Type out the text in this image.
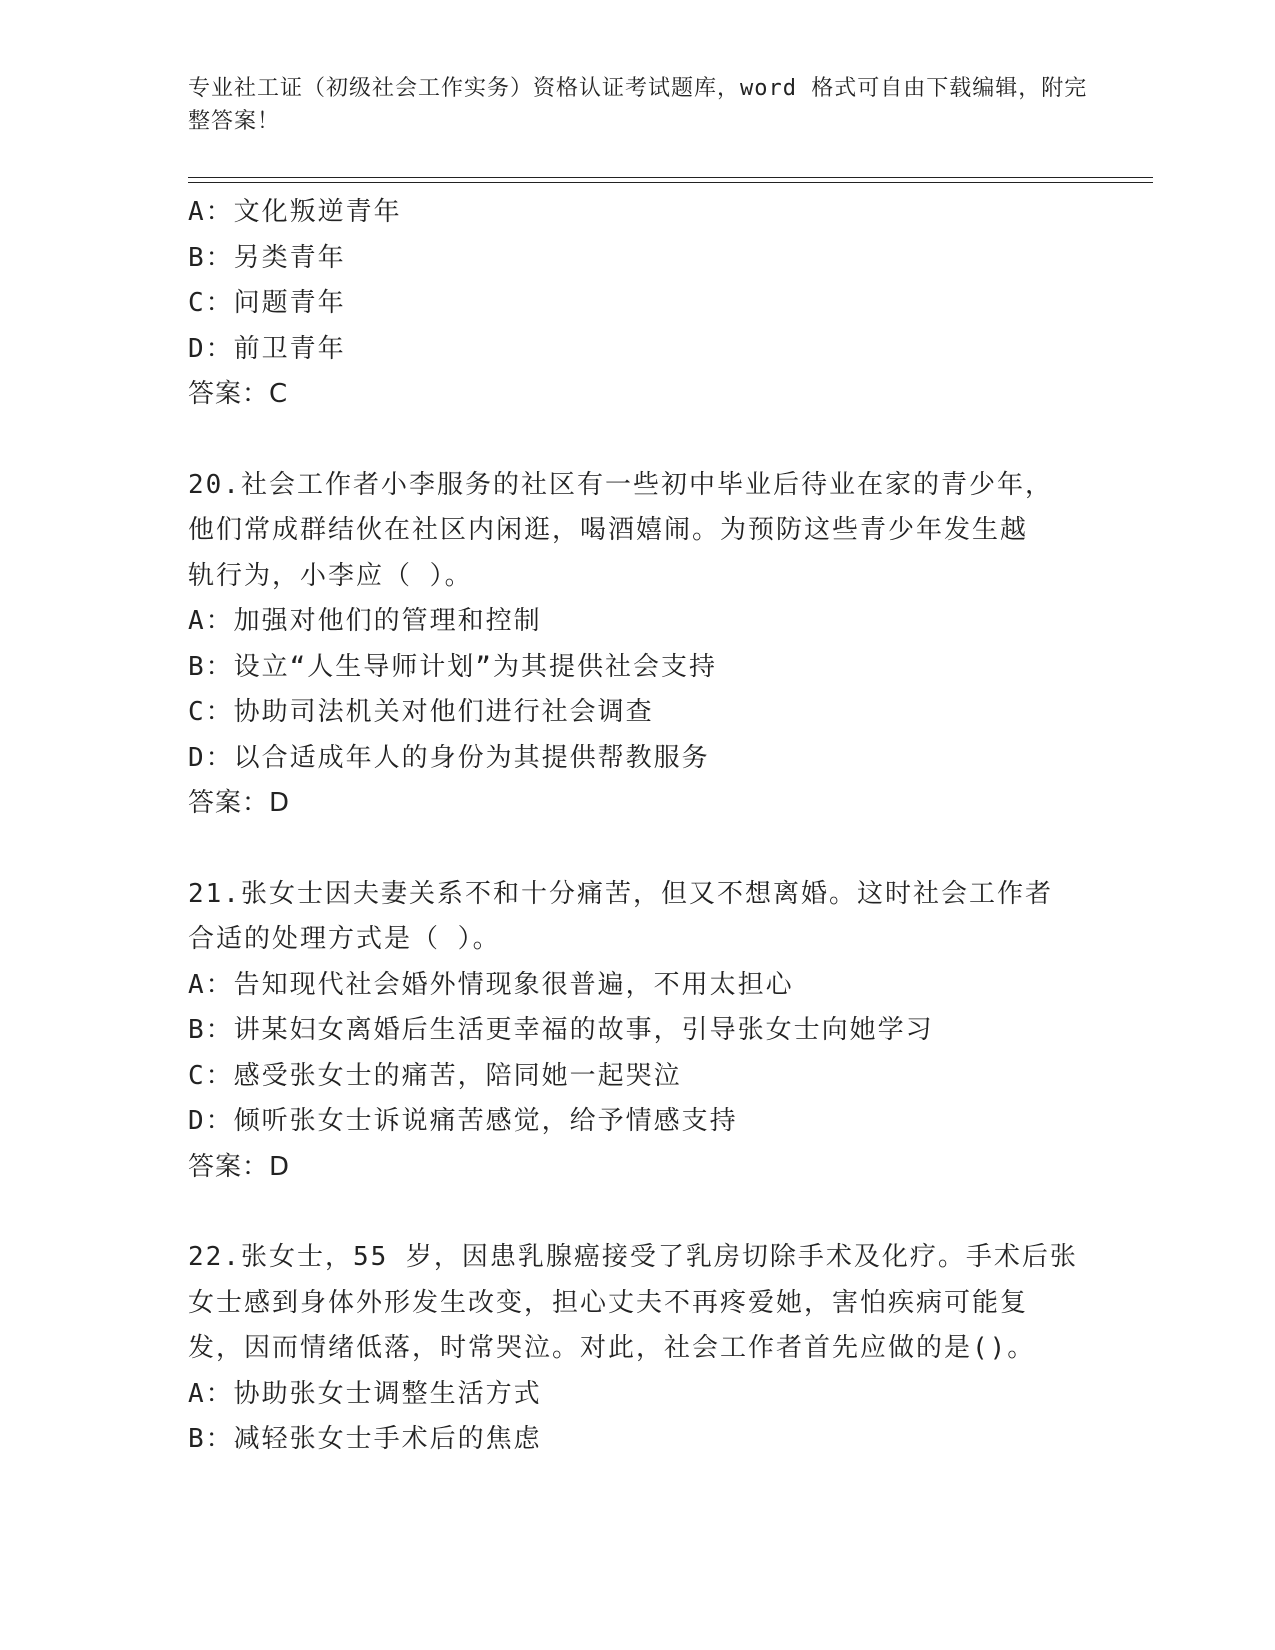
专业社工证（初级社会工作实务）资格认证考试题库，word 格式可自由下载编辑，附完整答案！
A：文化叛逆青年
B：另类青年
C：问题青年
D：前卫青年
答案：C
20.社会工作者小李服务的社区有一些初中毕业后待业在家的青少年，
他们常成群结伙在社区内闲逛，喝酒嬉闹。为预防这些青少年发生越
轨行为，小李应（ ）。
A：加强对他们的管理和控制
B：设立“人生导师计划”为其提供社会支持
C：协助司法机关对他们进行社会调查
D：以合适成年人的身份为其提供帮教服务
答案：D
21.张女士因夫妻关系不和十分痛苦，但又不想离婚。这时社会工作者
合适的处理方式是（ ）。
A：告知现代社会婚外情现象很普遍，不用太担心
B：讲某妇女离婚后生活更幸福的故事，引导张女士向她学习
C：感受张女士的痛苦，陪同她一起哭泣
D：倾听张女士诉说痛苦感觉，给予情感支持
答案：D
22.张女士，55 岁，因患乳腺癌接受了乳房切除手术及化疗。手术后张
女士感到身体外形发生改变，担心丈夫不再疼爱她，害怕疾病可能复
发，因而情绪低落，时常哭泣。对此，社会工作者首先应做的是()。
A：协助张女士调整生活方式
B：减轻张女士手术后的焦虑
